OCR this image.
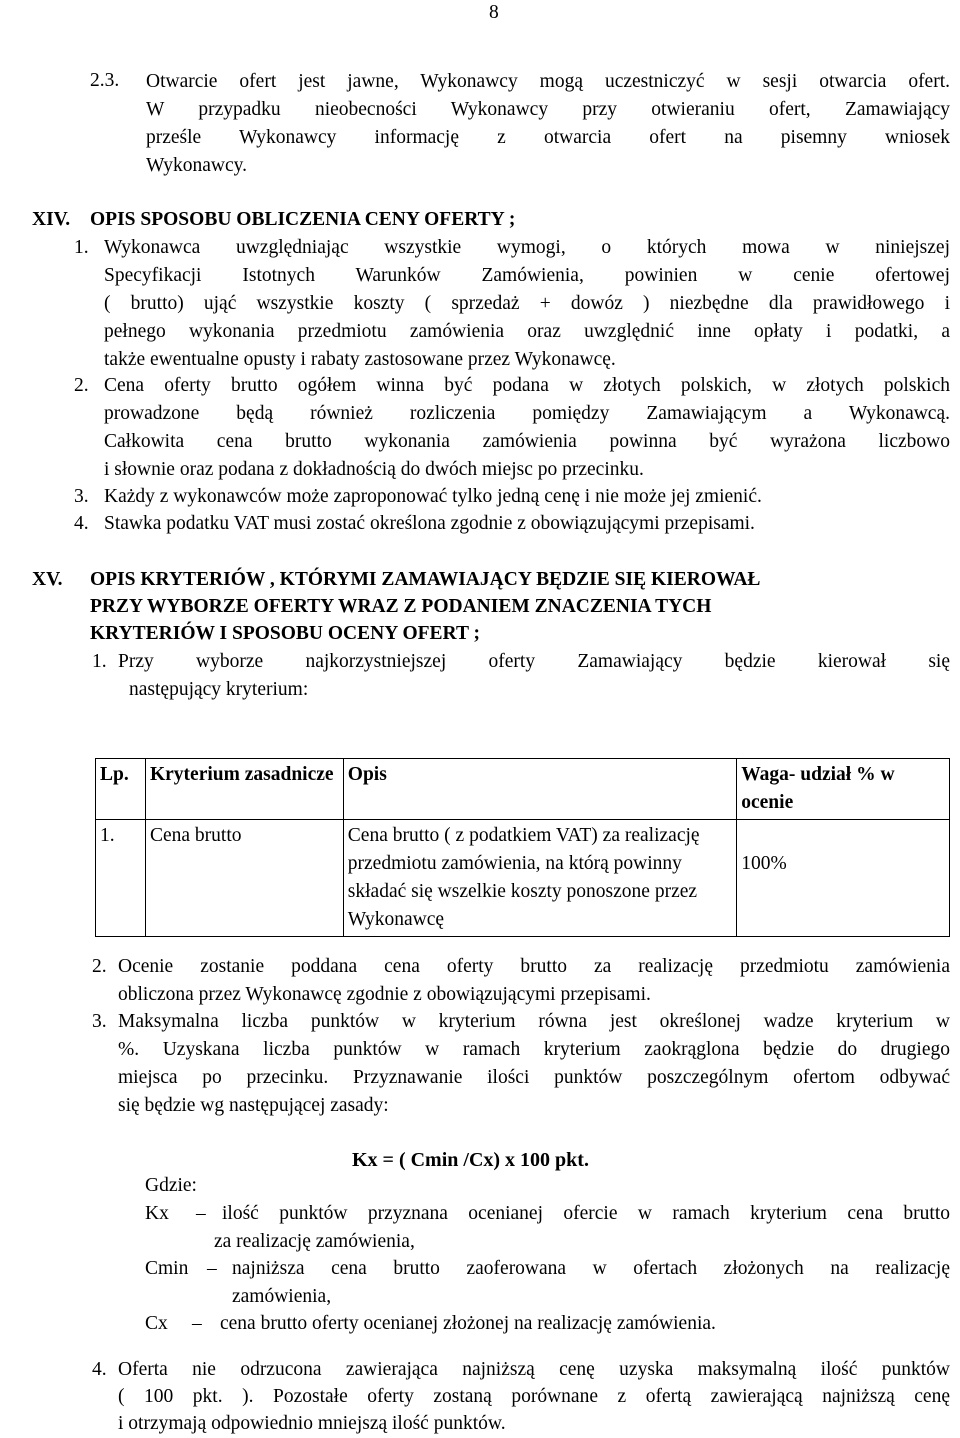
8
2.3. Otwarcie ofert jest jawne, Wykonawcy mogą uczestniczyć w sesji otwarcia ofert.
W przypadku nieobecności Wykonawcy przy otwieraniu ofert, Zamawiający
prześle Wykonawcy informację z otwarcia ofert na pisemny wniosek
Wykonawcy.
XIV. OPIS SPOSOBU OBLICZENIA CENY OFERTY ;
1. Wykonawca uwzględniając wszystkie wymogi, o których mowa w niniejszej
Specyfikacji Istotnych Warunków Zamówienia, powinien w cenie ofertowej
( brutto) ująć wszystkie koszty ( sprzedaż + dowóz ) niezbędne dla prawidłowego i
pełnego wykonania przedmiotu zamówienia oraz uwzględnić inne opłaty i podatki, a
także ewentualne opusty i rabaty zastosowane przez Wykonawcę.
2. Cena oferty brutto ogółem winna być podana w złotych polskich, w złotych polskich
prowadzone będą również rozliczenia pomiędzy Zamawiającym a Wykonawcą.
Całkowita cena brutto wykonania zamówienia powinna być wyrażona liczbowo
i słownie oraz podana z dokładnością do dwóch miejsc po przecinku.
3. Każdy z wykonawców może zaproponować tylko jedną cenę i nie może jej zmienić.
4. Stawka podatku VAT musi zostać określona zgodnie z obowiązującymi przepisami.
XV. OPIS KRYTERIÓW , KTÓRYMI ZAMAWIAJĄCY BĘDZIE SIĘ KIEROWAŁ
PRZY WYBORZE OFERTY WRAZ Z PODANIEM ZNACZENIA TYCH
KRYTERIÓW I SPOSOBU OCENY OFERT ;
1. Przy wyborze najkorzystniejszej oferty Zamawiający będzie kierował się
następujący kryterium:
Lp.	Kryterium zasadnicze	Opis	Waga- udział % w ocenie
1.	Cena brutto	Cena brutto ( z podatkiem VAT) za realizację przedmiotu zamówienia, na którą powinny składać się wszelkie koszty ponoszone przez Wykonawcę	100%
2. Ocenie zostanie poddana cena oferty brutto za realizację przedmiotu zamówienia
obliczona przez Wykonawcę zgodnie z obowiązującymi przepisami.
3. Maksymalna liczba punktów w kryterium równa jest określonej wadze kryterium w
%. Uzyskana liczba punktów w ramach kryterium zaokrąglona będzie do drugiego
miejsca po przecinku. Przyznawanie ilości punktów poszczególnym ofertom odbywać
się będzie wg następującej zasady:
Kx = ( Cmin /Cx) x 100 pkt.
Gdzie:
Kx – ilość punktów przyznana ocenianej ofercie w ramach kryterium cena brutto
za realizację zamówienia,
Cmin – najniższa cena brutto zaoferowana w ofertach złożonych na realizację
zamówienia,
Cx – cena brutto oferty ocenianej złożonej na realizację zamówienia.
4. Oferta nie odrzucona zawierająca najniższą cenę uzyska maksymalną ilość punktów
( 100 pkt. ). Pozostałe oferty zostaną porównane z ofertą zawierającą najniższą cenę
i otrzymają odpowiednio mniejszą ilość punktów.
